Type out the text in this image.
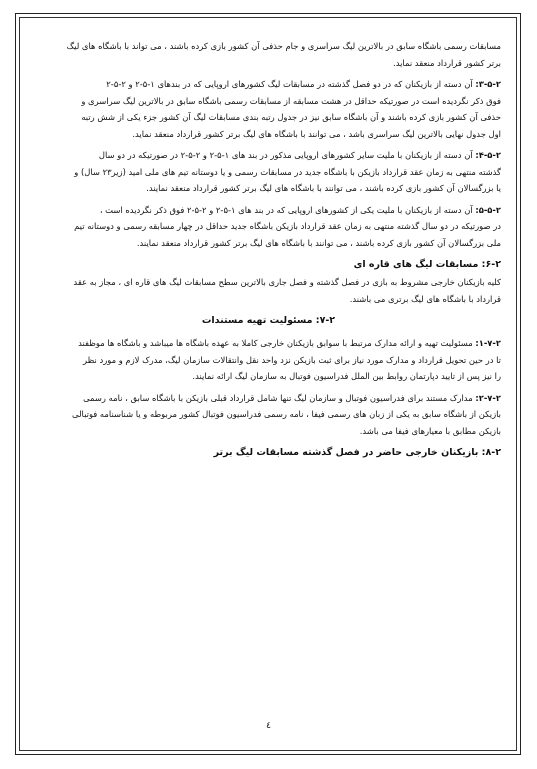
مسابقات رسمی باشگاه سابق در بالاترین لیگ سراسری و جام حذفی آن کشور بازی کرده باشند ، می تواند با باشگاه های لیگ
برتر کشور قرارداد منعقد نماید.
۳-۵-۲: آن دسته از بازیکنان که در دو فصل گذشته در مسابقات لیگ کشورهای اروپایی که در بندهای ۱-۵-۲ و ۲-۵-۲
فوق ذکر نگردیده است در صورتیکه حداقل در هشت مسابقه از مسابقات رسمی باشگاه سابق در بالاترین لیگ سراسری و
حذفی آن کشور بازی کرده باشند و آن باشگاه سابق نیز در جدول رتبه بندی مسابقات لیگ آن کشور جزء یکی از شش رتبه
اول جدول نهایی بالاترین لیگ سراسری باشد ، می توانند با باشگاه های لیگ برتر کشور قرارداد منعقد نماید.
۴-۵-۲: آن دسته از بازیکنان با ملیت سایر کشورهای اروپایی مذکور در بند های ۱-۵-۲ و ۲-۵-۲ در صورتیکه در دو سال
گذشته منتهی به زمان عقد قرارداد بازیکن با باشگاه جدید در مسابقات رسمی و یا دوستانه تیم های ملی امید (زیر۲۳ سال) و
یا بزرگسالان آن کشور بازی کرده باشند ، می توانند با باشگاه های لیگ برتر کشور قرارداد منعقد نمایند.
۵-۵-۲: آن دسته از بازیکنان با ملیت یکی از کشورهای اروپایی که در بند های ۱-۵-۲ و ۲-۵-۲ فوق ذکر نگردیده است ،
در صورتیکه در دو سال گذشته منتهی به زمان عقد قرارداد بازیکن باشگاه جدید حداقل در چهار مسابقه رسمی و دوستانه تیم
ملی بزرگسالان آن کشور بازی کرده باشند ، می توانند با باشگاه های لیگ برتر کشور قرارداد منعقد نمایند.
۶-۲: مسابقات لیگ های قاره ای
کلیه بازیکنان خارجی مشروط به بازی در فصل گذشته و فصل جاری بالاترین سطح مسابقات لیگ های قاره ای ، مجاز به عقد
قرارداد با باشگاه های لیگ برتری می باشند.
۷-۲: مسئولیت تهیه مستندات
۱-۷-۲: مسئولیت تهیه و ارائه مدارک مرتبط با سوابق بازیکنان خارجی کاملا به عهده باشگاه ها میباشد و باشگاه ها موظفند
تا در حین تحویل قرارداد و مدارک مورد نیاز برای ثبت بازیکن نزد واحد نقل وانتقالات سازمان لیگ، مدرک لازم و مورد نظر
را نیز پس از تایید دپارتمان روابط بین الملل فدراسیون فوتبال به سازمان لیگ ارائه نمایند.
۲-۷-۲: مدارک مستند برای فدراسیون فوتبال و سازمان لیگ تنها شامل قرارداد قبلی بازیکن با باشگاه سابق ، نامه رسمی
بازیکن از باشگاه سابق به یکی از زبان های رسمی فیفا ، نامه رسمی فدراسیون فوتبال کشور مربوطه و یا شناسنامه فوتبالی
بازیکن مطابق با معیارهای فیفا می باشد.
۸-۲: بازیکنان خارجی حاضر در فصل گذشته مسابقات لیگ برتر
٤
